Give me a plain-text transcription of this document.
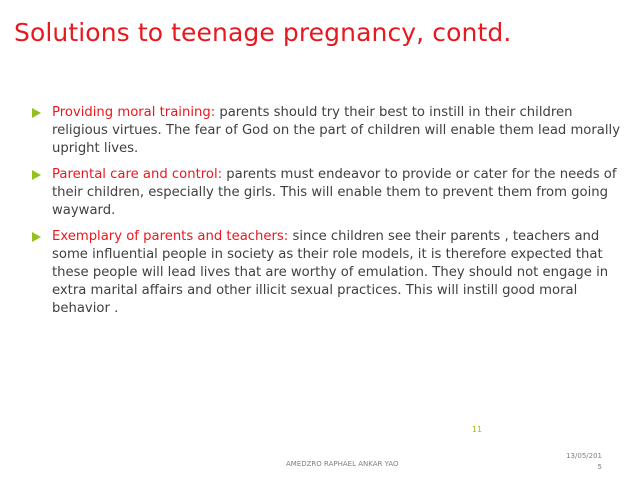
Solutions to teenage pregnancy, contd.
Providing moral training: parents should try their best to instill in their children religious virtues. The fear of God on the part of children will enable them lead morally upright lives.
Parental care and control: parents must endeavor to provide or cater for the needs of their children, especially the girls. This will enable them to prevent them from going wayward.
Exemplary of parents and teachers: since children see their parents , teachers and some influential people in society as their role models, it is therefore expected that these people will lead lives that are worthy of emulation. They should not engage in extra marital affairs and other illicit sexual practices. This will instill good moral behavior .
11
AMEDZRO RAPHAEL ANKAR YAO
13/05/201
5
